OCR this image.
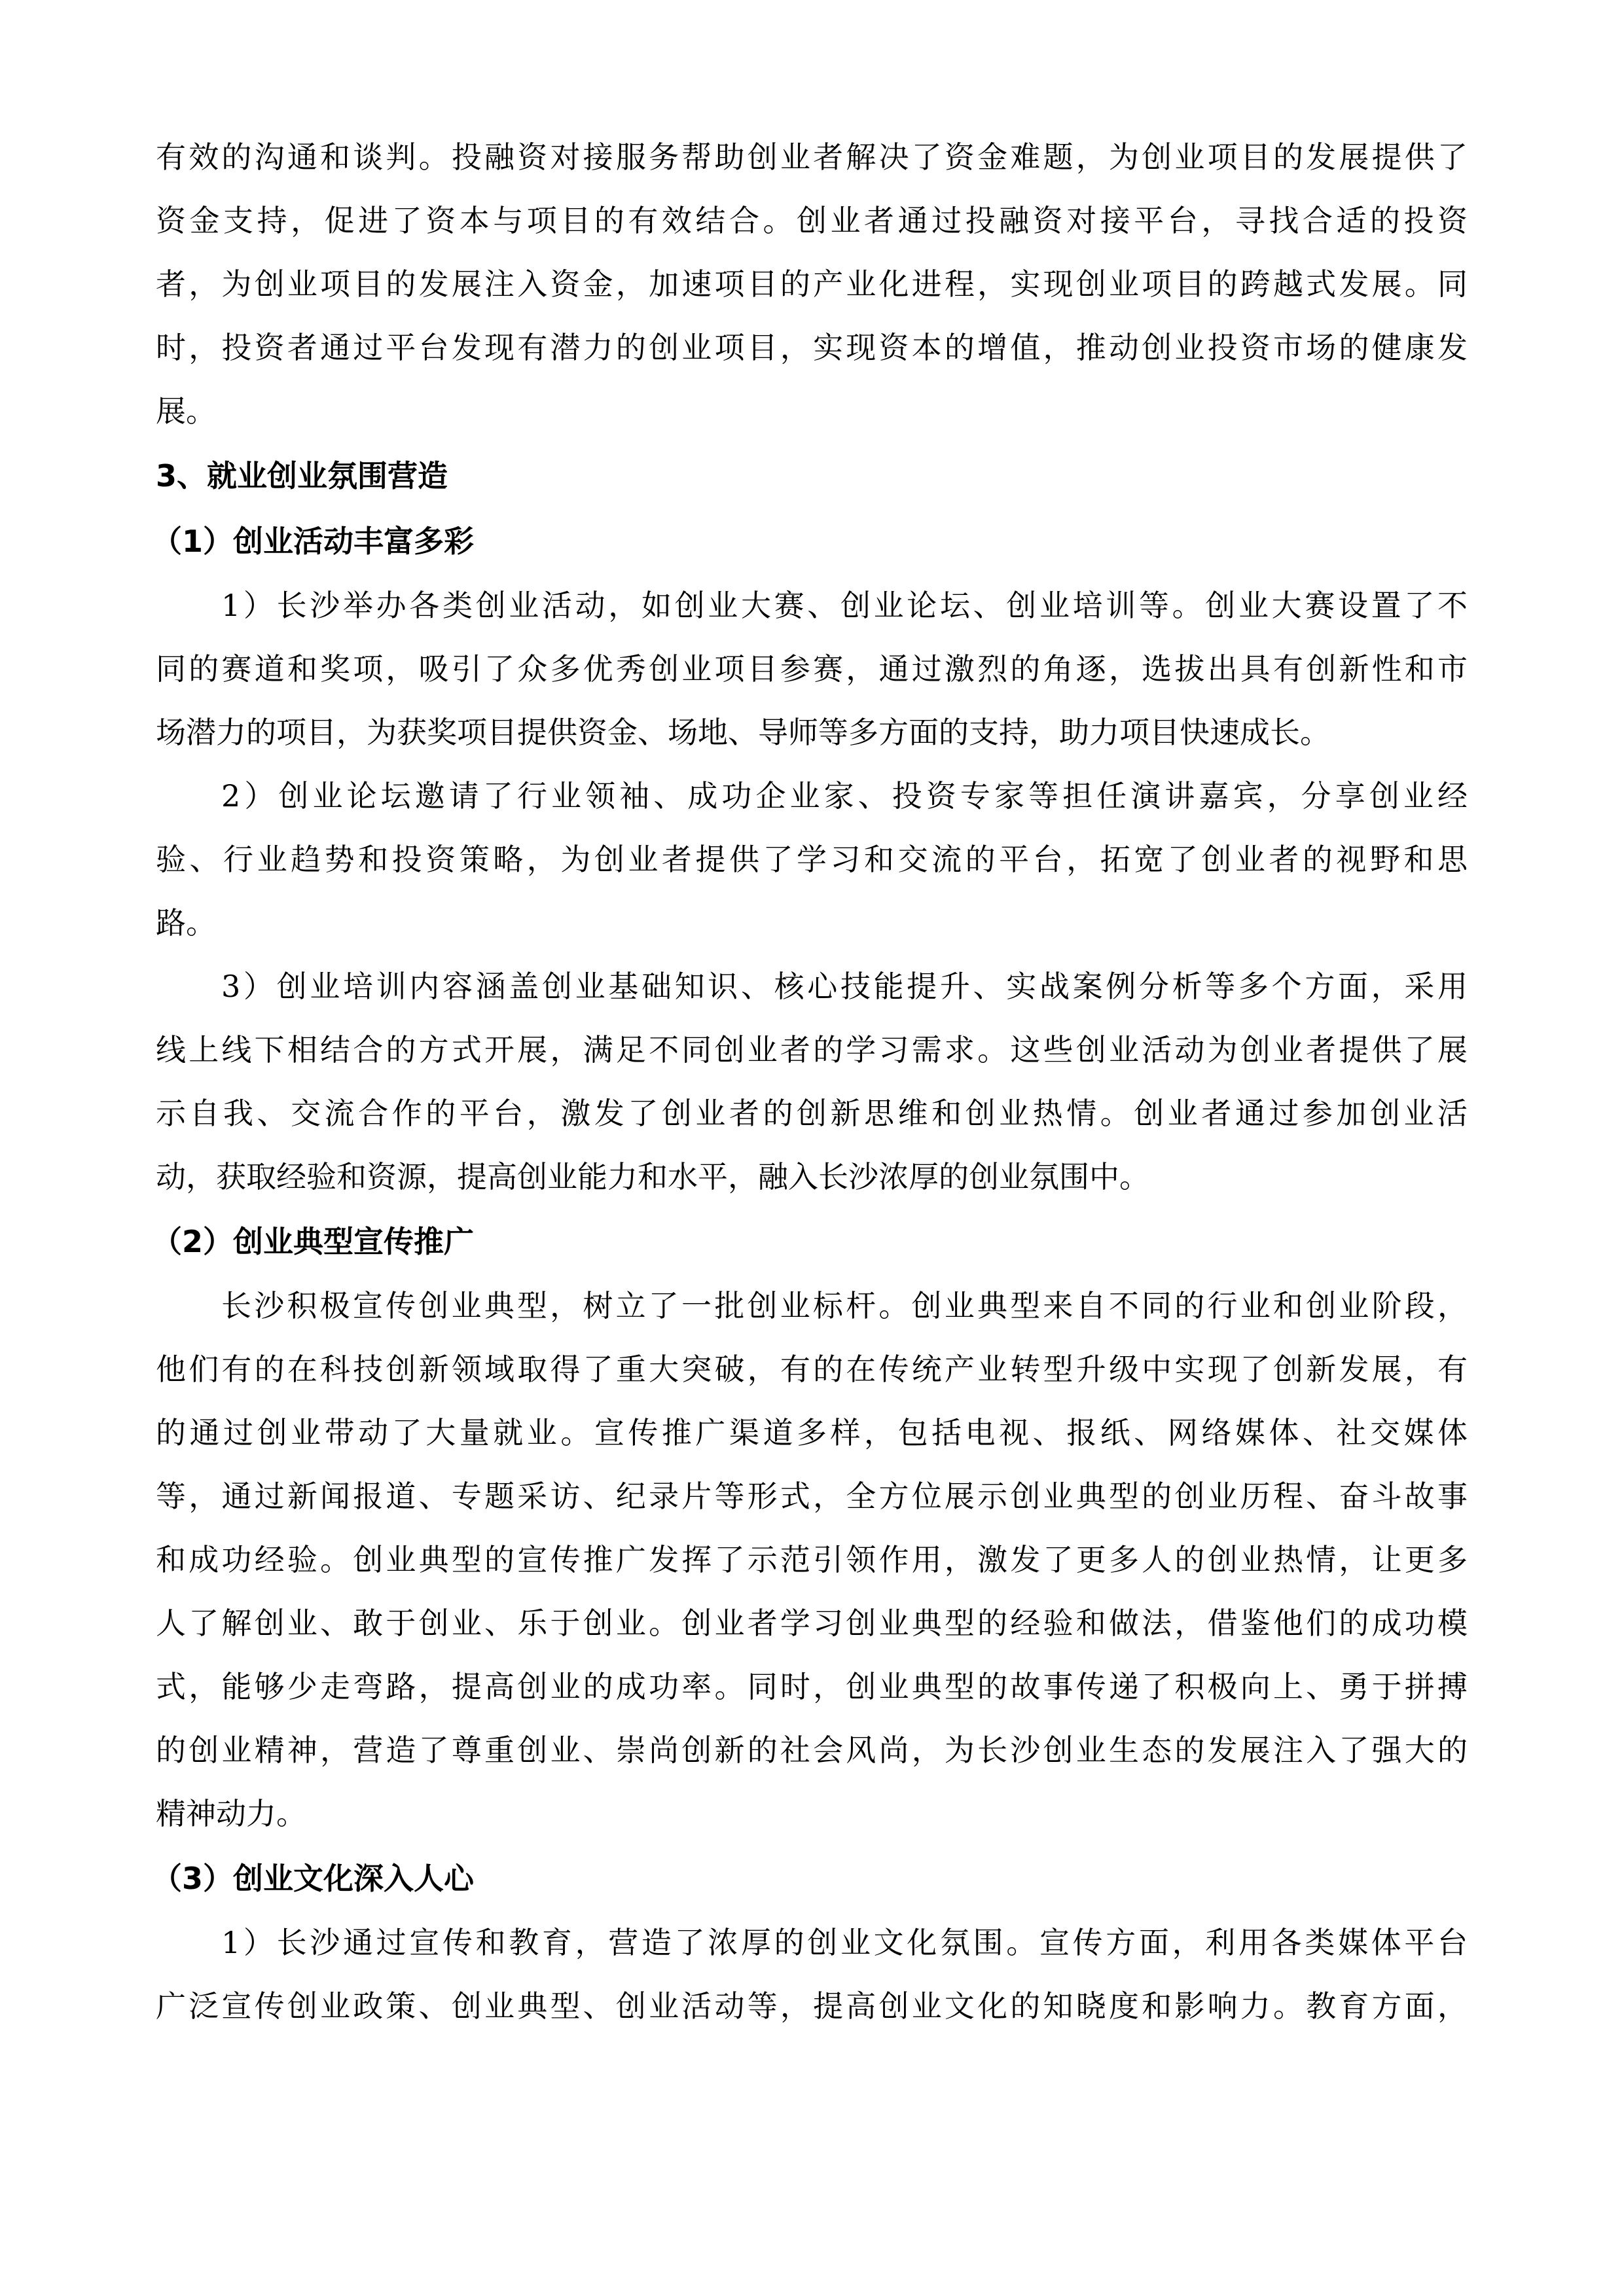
有效的沟通和谈判。投融资对接服务帮助创业者解决了资金难题，为创业项目的发展提供了
资金支持，促进了资本与项目的有效结合。创业者通过投融资对接平台，寻找合适的投资
者，为创业项目的发展注入资金，加速项目的产业化进程，实现创业项目的跨越式发展。同
时，投资者通过平台发现有潜力的创业项目，实现资本的增值，推动创业投资市场的健康发
展。
3、就业创业氛围营造
（1）创业活动丰富多彩
1）长沙举办各类创业活动，如创业大赛、创业论坛、创业培训等。创业大赛设置了不
同的赛道和奖项，吸引了众多优秀创业项目参赛，通过激烈的角逐，选拔出具有创新性和市
场潜力的项目，为获奖项目提供资金、场地、导师等多方面的支持，助力项目快速成长。
2）创业论坛邀请了行业领袖、成功企业家、投资专家等担任演讲嘉宾，分享创业经
验、行业趋势和投资策略，为创业者提供了学习和交流的平台，拓宽了创业者的视野和思
路。
3）创业培训内容涵盖创业基础知识、核心技能提升、实战案例分析等多个方面，采用
线上线下相结合的方式开展，满足不同创业者的学习需求。这些创业活动为创业者提供了展
示自我、交流合作的平台，激发了创业者的创新思维和创业热情。创业者通过参加创业活
动，获取经验和资源，提高创业能力和水平，融入长沙浓厚的创业氛围中。
（2）创业典型宣传推广
长沙积极宣传创业典型，树立了一批创业标杆。创业典型来自不同的行业和创业阶段，
他们有的在科技创新领域取得了重大突破，有的在传统产业转型升级中实现了创新发展，有
的通过创业带动了大量就业。宣传推广渠道多样，包括电视、报纸、网络媒体、社交媒体
等，通过新闻报道、专题采访、纪录片等形式，全方位展示创业典型的创业历程、奋斗故事
和成功经验。创业典型的宣传推广发挥了示范引领作用，激发了更多人的创业热情，让更多
人了解创业、敢于创业、乐于创业。创业者学习创业典型的经验和做法，借鉴他们的成功模
式，能够少走弯路，提高创业的成功率。同时，创业典型的故事传递了积极向上、勇于拼搏
的创业精神，营造了尊重创业、崇尚创新的社会风尚，为长沙创业生态的发展注入了强大的
精神动力。
（3）创业文化深入人心
1）长沙通过宣传和教育，营造了浓厚的创业文化氛围。宣传方面，利用各类媒体平台
广泛宣传创业政策、创业典型、创业活动等，提高创业文化的知晓度和影响力。教育方面，
